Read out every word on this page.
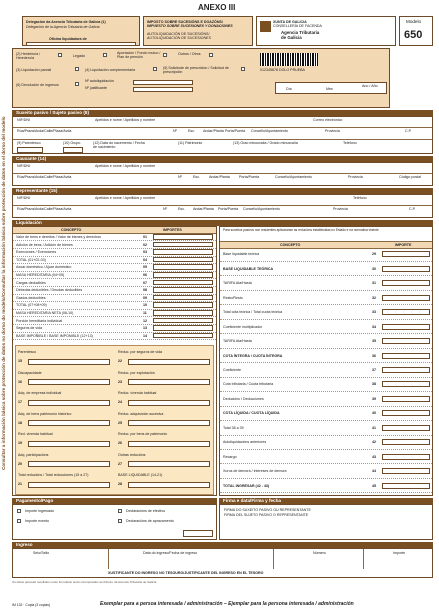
ANEXO III
Delegación da Axencia Tributaria de Galicia (1)
Delegación de la Agencia Tributaria de Galicia
Oficina liquidadora de
IMPOSTO SOBRE SUCESIÓNS E DOAZÓNS/
IMPUESTO SOBRE SUCESIONES Y DONACIONES
AUTOLIQUIDACIÓN DE SUCESIÓNS/
AUTOLIQUIDACIÓN DE SUCESIONES
XUNTA DE GALICIA
CONSELLERÍA DE FACENDA
Agencia Tributaria
de Galicia
Modelo
650
Consultar a información básica sobre protección de datos no dorso do modelo/Consultar la información básica sobre protección de datos en el dorso del modelo
(2) Herdeiro/a / Heredero/a	Legado
Aportación / Fondo mutuo / Plan de pensión
Outros / Otros
(3) Liquidación parcial	(4) Liquidación complementaria	(5) Solicitude de prescrición / Solicitud de prescripción
(6) Devolución de ingresos
Nº autoliquidación
Nº justificante
012345678 DOLO PRUEBA
Día	Mes
Ano / Año
Suxeito pasivo / Sujeto pasivo (8)
NIF/DNI	Apelidos e nome / Apellidos y nombre	Correo electrónico
Rúa/Praza/Avda/Calle/Plaza/Avda	Nº	Esc. Andar/Planta Porta/Puerta Concello/Ayuntamiento	Provincia	C.P.
(9) Parentesco	(10) Grupo	(12) Data do nacemento / Fecha de nacimiento
(11) Patrimonio	(13) Grao minusvalía / Grado minusvalía	Teléfono
Causante (14)
NIF/DNI	Apelidos e nome / Apellidos y nombre
Rúa/Praza/Avda/Calle/Plaza/Avda	Nº	Esc.	Andar/Planta	Porta/Puerta	Concello/Ayuntamiento	Provincia	Código postal
Representante (15)
NIF/DNI	Apelidos e nome / Apellidos y nombre	Teléfono
Rúa/Praza/Avda/Calle/Plaza/Avda	Nº	Esc. Andar/Planta Porta/Puerta Concello/Ayuntamiento	Provincia	C.P.
Liquidación
CONCEPTO	IMPORTES
Valor de bens e dereitos / Valor de bienes y derechos	01
Adición de bens / Adición de bienes	02
Exenciones / Exenciones	03
TOTAL (01+02-03)	04
Axuar doméstico / Ajuar doméstico	05
MASA HEREDITARIA (04+05)	06
Cargas deducibles	07
Débedas deducibles / Deudas deducibles	08
Gastos deducibles	09
TOTAL (07+08+09)	10
MASA HEREDITARIA NETA (06-10)	11
Porción hereditaria individual	12
Seguros de vida	13
BASE IMPOÑIBLE / BASE IMPONIBLE (12+13)	14
Parentesco
15
Reduc. por seguros de vida
22
Discapacidade
16
Reduc. por explotación
23
Adq. de empresa individual
17
Reduc. vivenda habitual
24
Adq. de bens patrimonio histórico
18
Reduc. adquisición sucesiva
25
Red. vivenda habitual
19
Reduc. por bens de patrimonio
26
Adq. participacións
20
Outras reducións
27
Total reducións / Total reducciones (15 a 27)
21
BASE LIQUIDABLE (14-21)
28
Para suxeitos pasivos non residentes aplicaranse as reducións establecidas no Estado e na normativa vixente
CONCEPTO	IMPORTE
Base liquidable teórica	29
BASE LIQUIDABLE TEÓRICA	30
TARIFA Ata/Hasta	31
Resto/Resto	32
Total cota teórica / Total cuota teórica	33
Coeficiente multiplicador	34
TARIFA Ata/Hasta	35
COTA ÍNTEGRA / CUOTA ÍNTEGRA	36
Coeficiente	37
Cota tributaria / Cuota tributaria	38
Deducións / Deducciones	39
COTA LÍQUIDA / CUOTA LÍQUIDA	40
Total 38 a 39	41
Autoliquidacións anteriores	42
Recargo	43
Xuros de demora / Intereses de demora	44
TOTAL INGRESAR (42 - 43)	45
Pagamento/Pago	Firma e data/Firma y fecha
Importe ingresado
Importe exento
Declaracións de efectivo
Declaracións de aprazamento
FIRMA DO SUXEITO PASIVO OU REPRESENTANTE
FIRMA DEL SUJETO PASIVO O REPRESENTANTE
Ingreso
Selo/Sello	Data do ingreso/Fecha de ingreso	Número	Importe
XUSTIFICANTE DO INGRESO NO TESOURO/JUSTIFICANTE DEL INGRESO EN EL TESORO
Os datos persoais recollidos neste formulario serán incorporados ao ficheiro da Axencia Tributaria de Galicia
IM 132 · Copia (3 copias)	Exemplar para a persoa interesada / administración – Ejemplar para la persona interesada / administración
